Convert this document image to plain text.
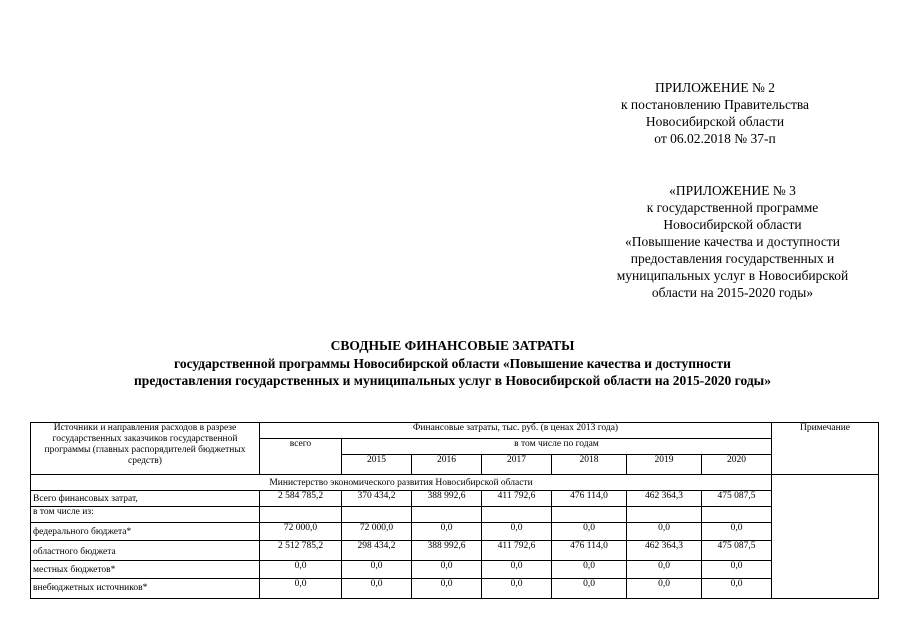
ПРИЛОЖЕНИЕ № 2
к постановлению Правительства
Новосибирской области
от 06.02.2018 № 37-п
«ПРИЛОЖЕНИЕ № 3
к государственной программе
Новосибирской области
«Повышение качества и доступности
предоставления государственных и
муниципальных услуг в Новосибирской
области на 2015-2020 годы»
СВОДНЫЕ ФИНАНСОВЫЕ ЗАТРАТЫ
государственной программы Новосибирской области «Повышение качества и доступности
предоставления государственных и муниципальных услуг в Новосибирской области на 2015-2020 годы»
Источники и направления расходов в разрезе государственных заказчиков государственной программы (главных распорядителей бюджетных средств)	Финансовые затраты, тыс. руб. (в ценах 2013 года)							Примечание
	всего	в том числе по годам						
		2015	2016	2017	2018	2019	2020	
Министерство экономического развития Новосибирской области								
Всего финансовых затрат,	2 584 785,2	370 434,2	388 992,6	411 792,6	476 114,0	462 364,3	475 087,5	
в том числе из:								
федерального бюджета*	72 000,0	72 000,0	0,0	0,0	0,0	0,0	0,0	
областного бюджета	2 512 785,2	298 434,2	388 992,6	411 792,6	476 114,0	462 364,3	475 087,5	
местных бюджетов*	0,0	0,0	0,0	0,0	0,0	0,0	0,0	
внебюджетных источников*	0,0	0,0	0,0	0,0	0,0	0,0	0,0	
